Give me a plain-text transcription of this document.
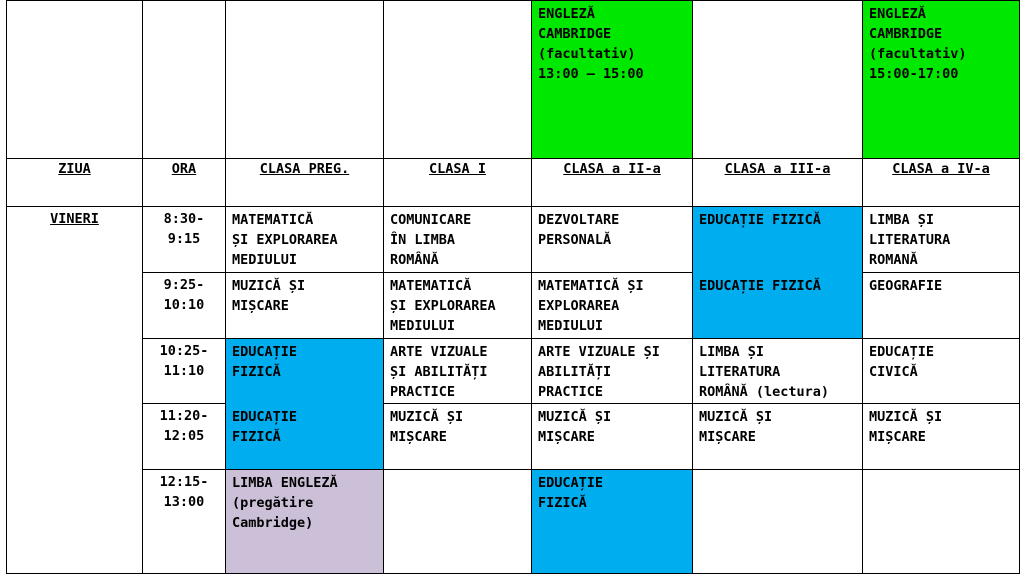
				ENGLEZĂ
CAMBRIDGE
(facultativ)
13:00 – 15:00		ENGLEZĂ
CAMBRIDGE
(facultativ)
15:00-17:00

ZIUA	ORA	CLASA PREG.	CLASA I	CLASA a II-a	CLASA a III-a	CLASA a IV-a

VINERI	8:30-
9:15	MATEMATICĂ
ȘI EXPLORAREA
MEDIULUI	COMUNICARE
ÎN LIMBA
ROMÂNĂ	DEZVOLTARE
PERSONALĂ	EDUCAȚIE FIZICĂ	LIMBA ȘI
LITERATURA
ROMANĂ

	9:25-
10:10	MUZICĂ ȘI
MIȘCARE	MATEMATICĂ
ȘI EXPLORAREA
MEDIULUI	MATEMATICĂ ȘI
EXPLORAREA
MEDIULUI	EDUCAȚIE FIZICĂ	GEOGRAFIE

	10:25-
11:10	EDUCAȚIE
FIZICĂ	ARTE VIZUALE
ȘI ABILITĂȚI
PRACTICE	ARTE VIZUALE ȘI
ABILITĂȚI
PRACTICE	LIMBA ȘI
LITERATURA
ROMÂNĂ (lectura)	EDUCAȚIE
CIVICĂ

	11:20-
12:05	EDUCAȚIE
FIZICĂ	MUZICĂ ȘI
MIȘCARE	MUZICĂ ȘI
MIȘCARE	MUZICĂ ȘI
MIȘCARE	MUZICĂ ȘI
MIȘCARE

	12:15-
13:00	LIMBA ENGLEZĂ
(pregătire
Cambridge)		EDUCAȚIE
FIZICĂ		
